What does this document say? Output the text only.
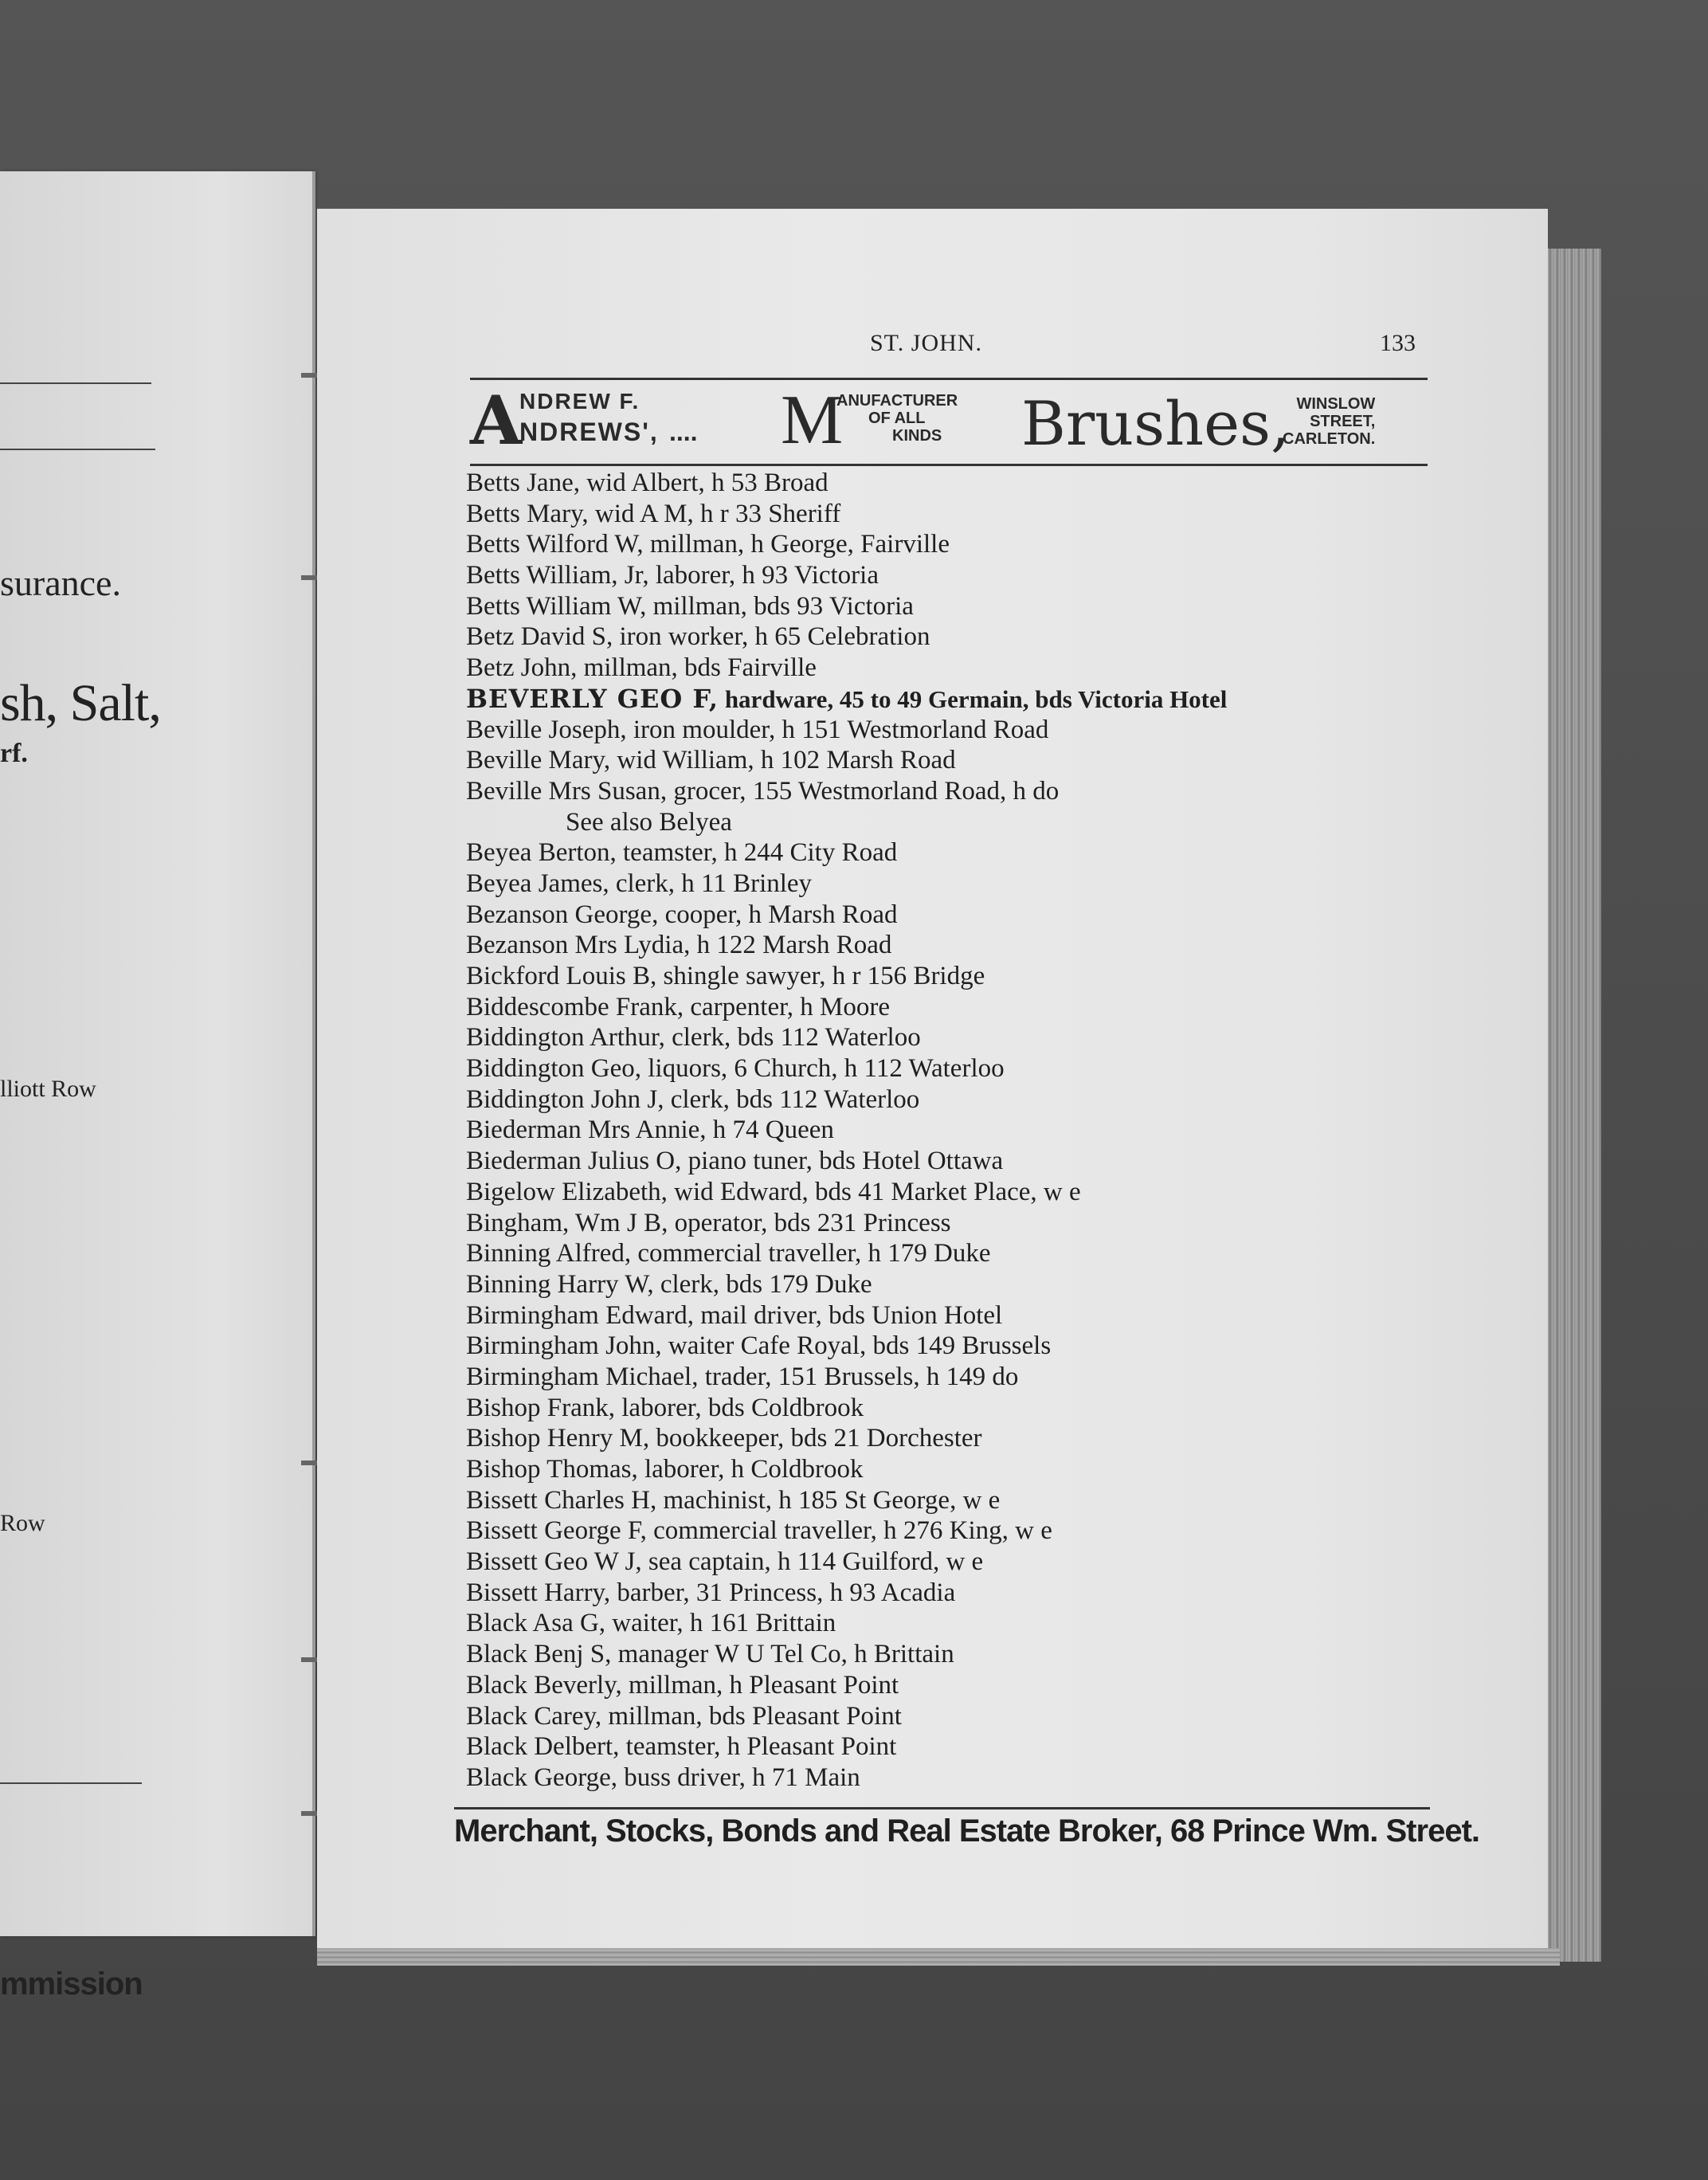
surance.

sh, Salt,

rf.

lliott Row

Row

mmission

ST. JOHN.	133

A
NDREW F.
NDREWS', .... M
ANUFACTURER
OF ALL
KINDS Brushes, WINSLOW
STREET,
CARLETON.
Betts Jane, wid Albert, h 53 Broad
Betts Mary, wid A M, h r 33 Sheriff
Betts Wilford W, millman, h George, Fairville
Betts William, Jr, laborer, h 93 Victoria
Betts William W, millman, bds 93 Victoria
Betz David S, iron worker, h 65 Celebration
Betz John, millman, bds Fairville
BEVERLY GEO F, hardware, 45 to 49 Germain, bds Victoria Hotel
Beville Joseph, iron moulder, h 151 Westmorland Road
Beville Mary, wid William, h 102 Marsh Road
Beville Mrs Susan, grocer, 155 Westmorland Road, h do
See also Belyea
Beyea Berton, teamster, h 244 City Road
Beyea James, clerk, h 11 Brinley
Bezanson George, cooper, h Marsh Road
Bezanson Mrs Lydia, h 122 Marsh Road
Bickford Louis B, shingle sawyer, h r 156 Bridge
Biddescombe Frank, carpenter, h Moore
Biddington Arthur, clerk, bds 112 Waterloo
Biddington Geo, liquors, 6 Church, h 112 Waterloo
Biddington John J, clerk, bds 112 Waterloo
Biederman Mrs Annie, h 74 Queen
Biederman Julius O, piano tuner, bds Hotel Ottawa
Bigelow Elizabeth, wid Edward, bds 41 Market Place, w e
Bingham, Wm J B, operator, bds 231 Princess
Binning Alfred, commercial traveller, h 179 Duke
Binning Harry W, clerk, bds 179 Duke
Birmingham Edward, mail driver, bds Union Hotel
Birmingham John, waiter Cafe Royal, bds 149 Brussels
Birmingham Michael, trader, 151 Brussels, h 149 do
Bishop Frank, laborer, bds Coldbrook
Bishop Henry M, bookkeeper, bds 21 Dorchester
Bishop Thomas, laborer, h Coldbrook
Bissett Charles H, machinist, h 185 St George, w e
Bissett George F, commercial traveller, h 276 King, w e
Bissett Geo W J, sea captain, h 114 Guilford, w e
Bissett Harry, barber, 31 Princess, h 93 Acadia
Black Asa G, waiter, h 161 Brittain
Black Benj S, manager W U Tel Co, h Brittain
Black Beverly, millman, h Pleasant Point
Black Carey, millman, bds Pleasant Point
Black Delbert, teamster, h Pleasant Point
Black George, buss driver, h 71 Main

Merchant, Stocks, Bonds and Real Estate Broker, 68 Prince Wm. Street.
